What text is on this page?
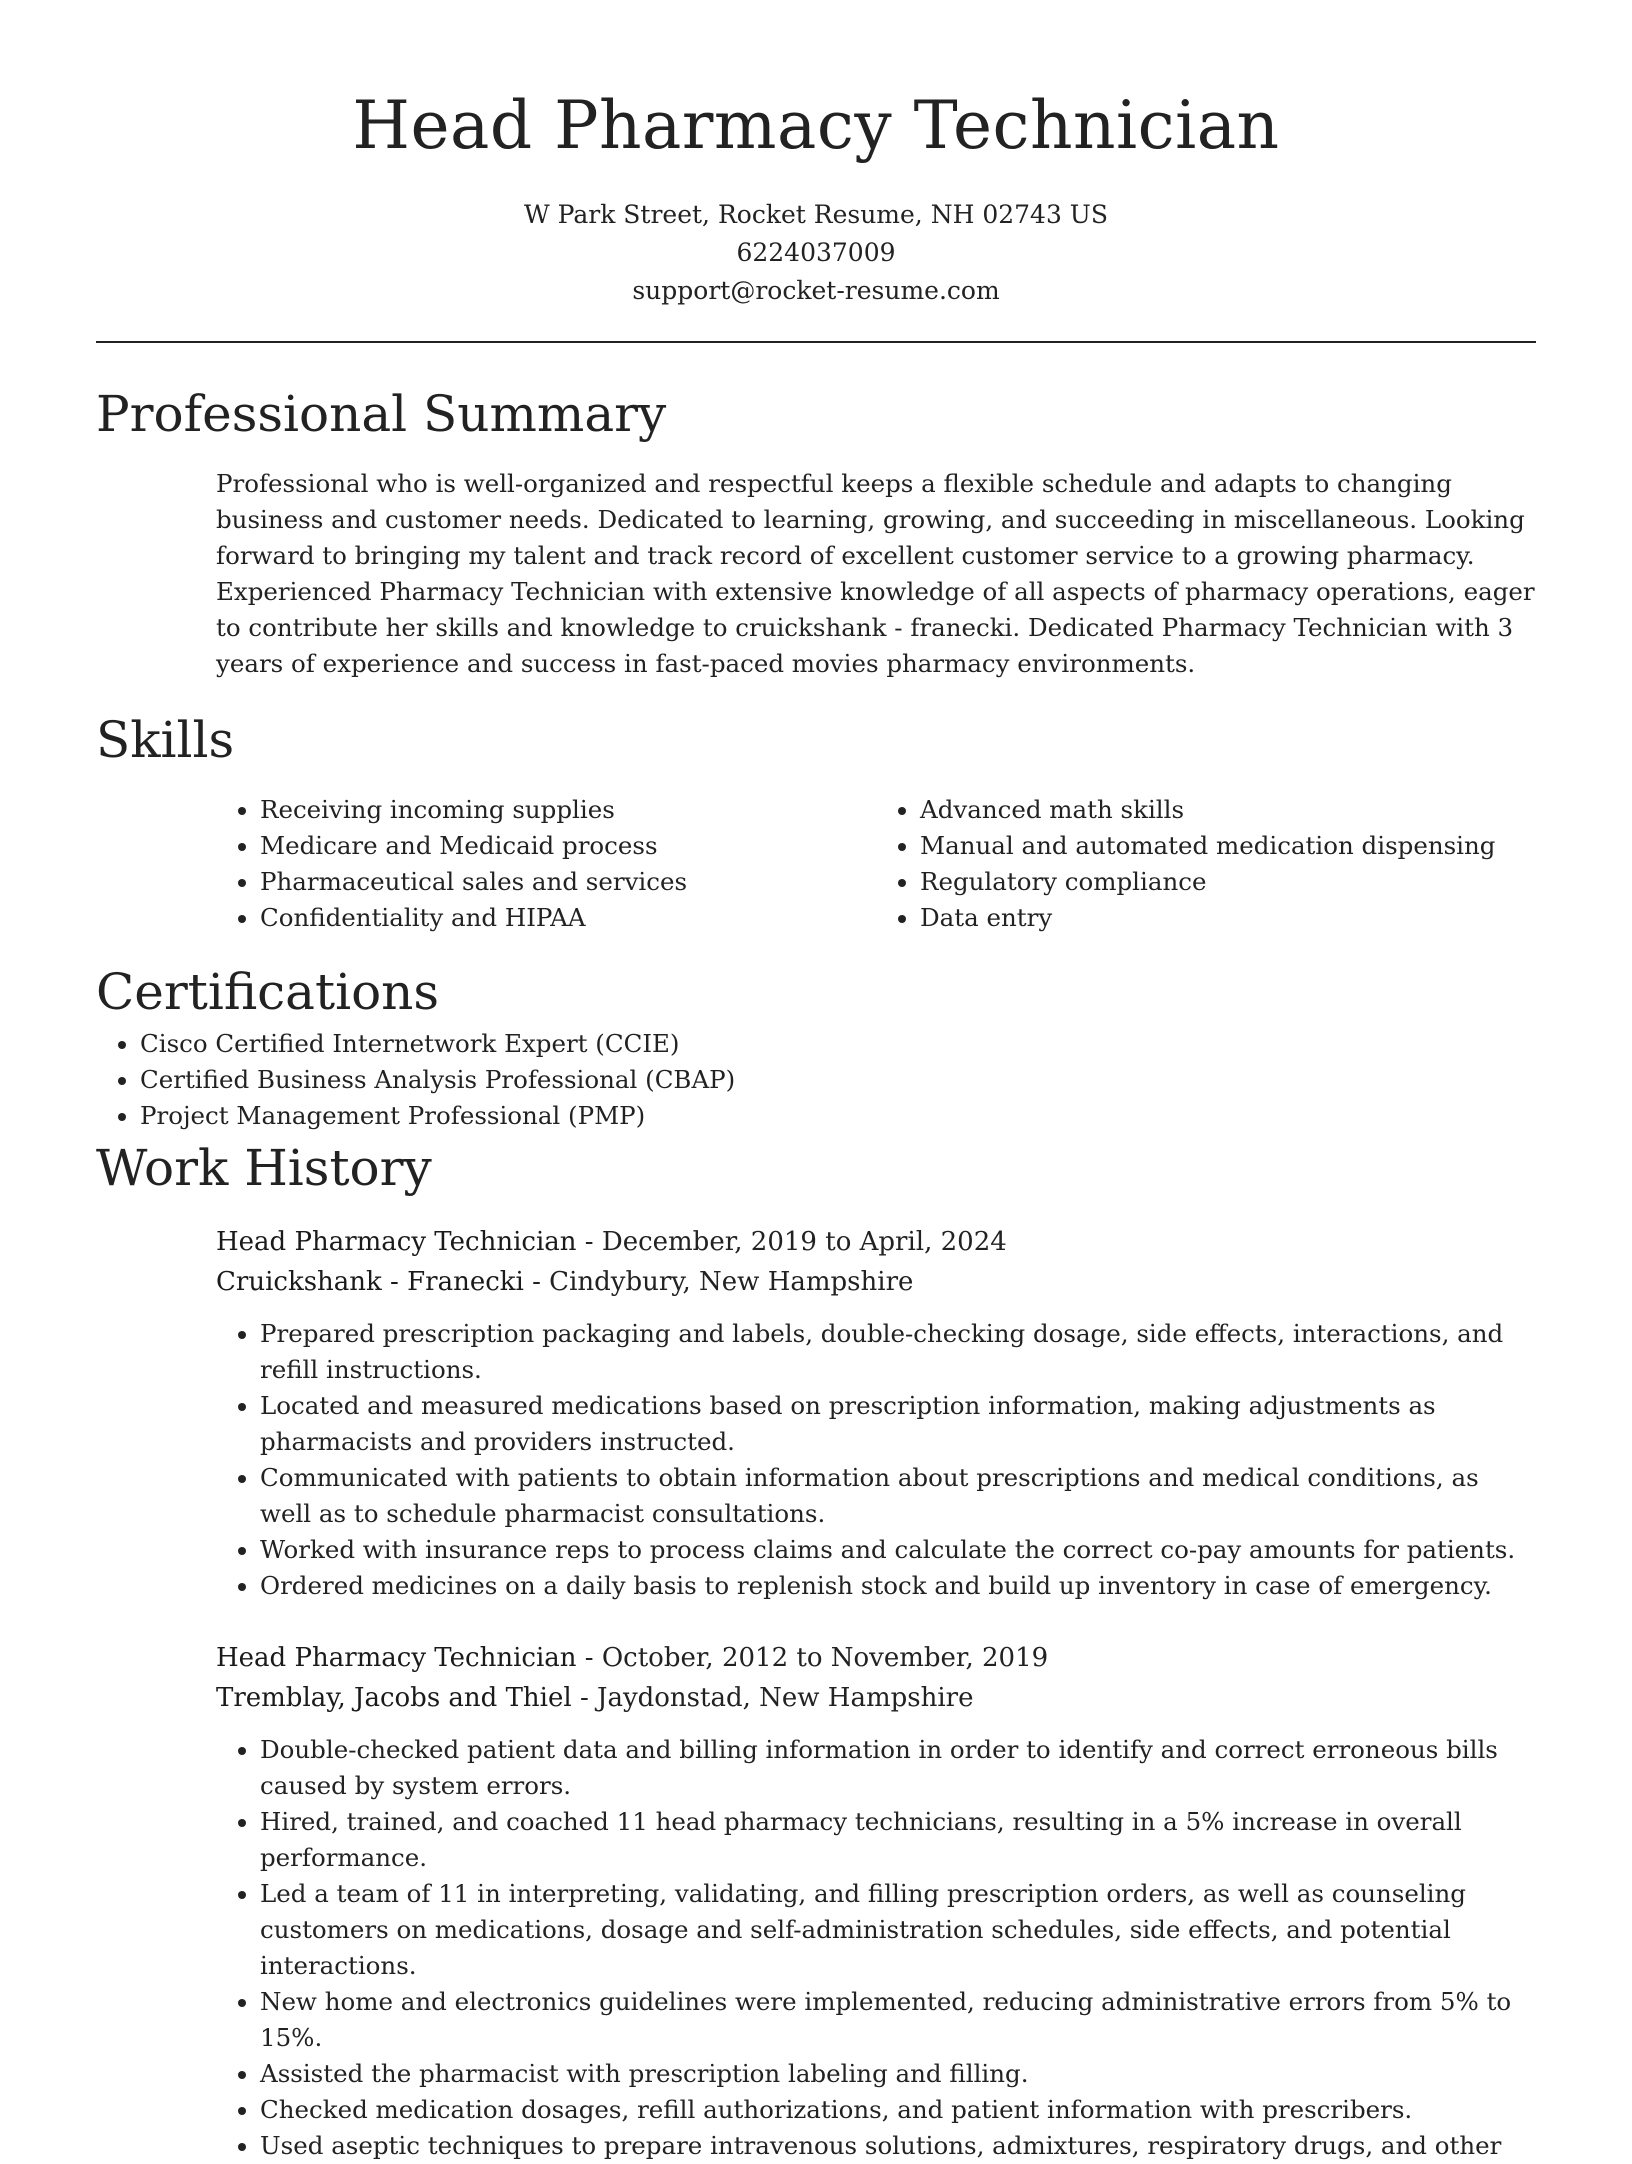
Head Pharmacy Technician
W Park Street, Rocket Resume, NH 02743 US
6224037009
support@rocket-resume.com
Professional Summary

Professional who is well-organized and respectful keeps a flexible schedule and adapts to changing business and customer needs. Dedicated to learning, growing, and succeeding in miscellaneous. Looking forward to bringing my talent and track record of excellent customer service to a growing pharmacy. Experienced Pharmacy Technician with extensive knowledge of all aspects of pharmacy operations, eager to contribute her skills and knowledge to cruickshank - franecki. Dedicated Pharmacy Technician with 3 years of experience and success in fast-paced movies pharmacy environments.

Skills
• Receiving incoming supplies
• Medicare and Medicaid process
• Pharmaceutical sales and services
• Confidentiality and HIPAA
• Advanced math skills
• Manual and automated medication dispensing
• Regulatory compliance
• Data entry
Certifications
• Cisco Certified Internetwork Expert (CCIE)
• Certified Business Analysis Professional (CBAP)
• Project Management Professional (PMP)
Work History
Head Pharmacy Technician - December, 2019 to April, 2024
Cruickshank - Franecki - Cindybury, New Hampshire
• Prepared prescription packaging and labels, double-checking dosage, side effects, interactions, and refill instructions.
• Located and measured medications based on prescription information, making adjustments as pharmacists and providers instructed.
• Communicated with patients to obtain information about prescriptions and medical conditions, as well as to schedule pharmacist consultations.
• Worked with insurance reps to process claims and calculate the correct co-pay amounts for patients.
• Ordered medicines on a daily basis to replenish stock and build up inventory in case of emergency.
Head Pharmacy Technician - October, 2012 to November, 2019
Tremblay, Jacobs and Thiel - Jaydonstad, New Hampshire
• Double-checked patient data and billing information in order to identify and correct erroneous bills caused by system errors.
• Hired, trained, and coached 11 head pharmacy technicians, resulting in a 5% increase in overall performance.
• Led a team of 11 in interpreting, validating, and filling prescription orders, as well as counseling customers on medications, dosage and self-administration schedules, side effects, and potential interactions.
• New home and electronics guidelines were implemented, reducing administrative errors from 5% to 15%.
• Assisted the pharmacist with prescription labeling and filling.
• Checked medication dosages, refill authorizations, and patient information with prescribers.
• Used aseptic techniques to prepare intravenous solutions, admixtures, respiratory drugs, and other
